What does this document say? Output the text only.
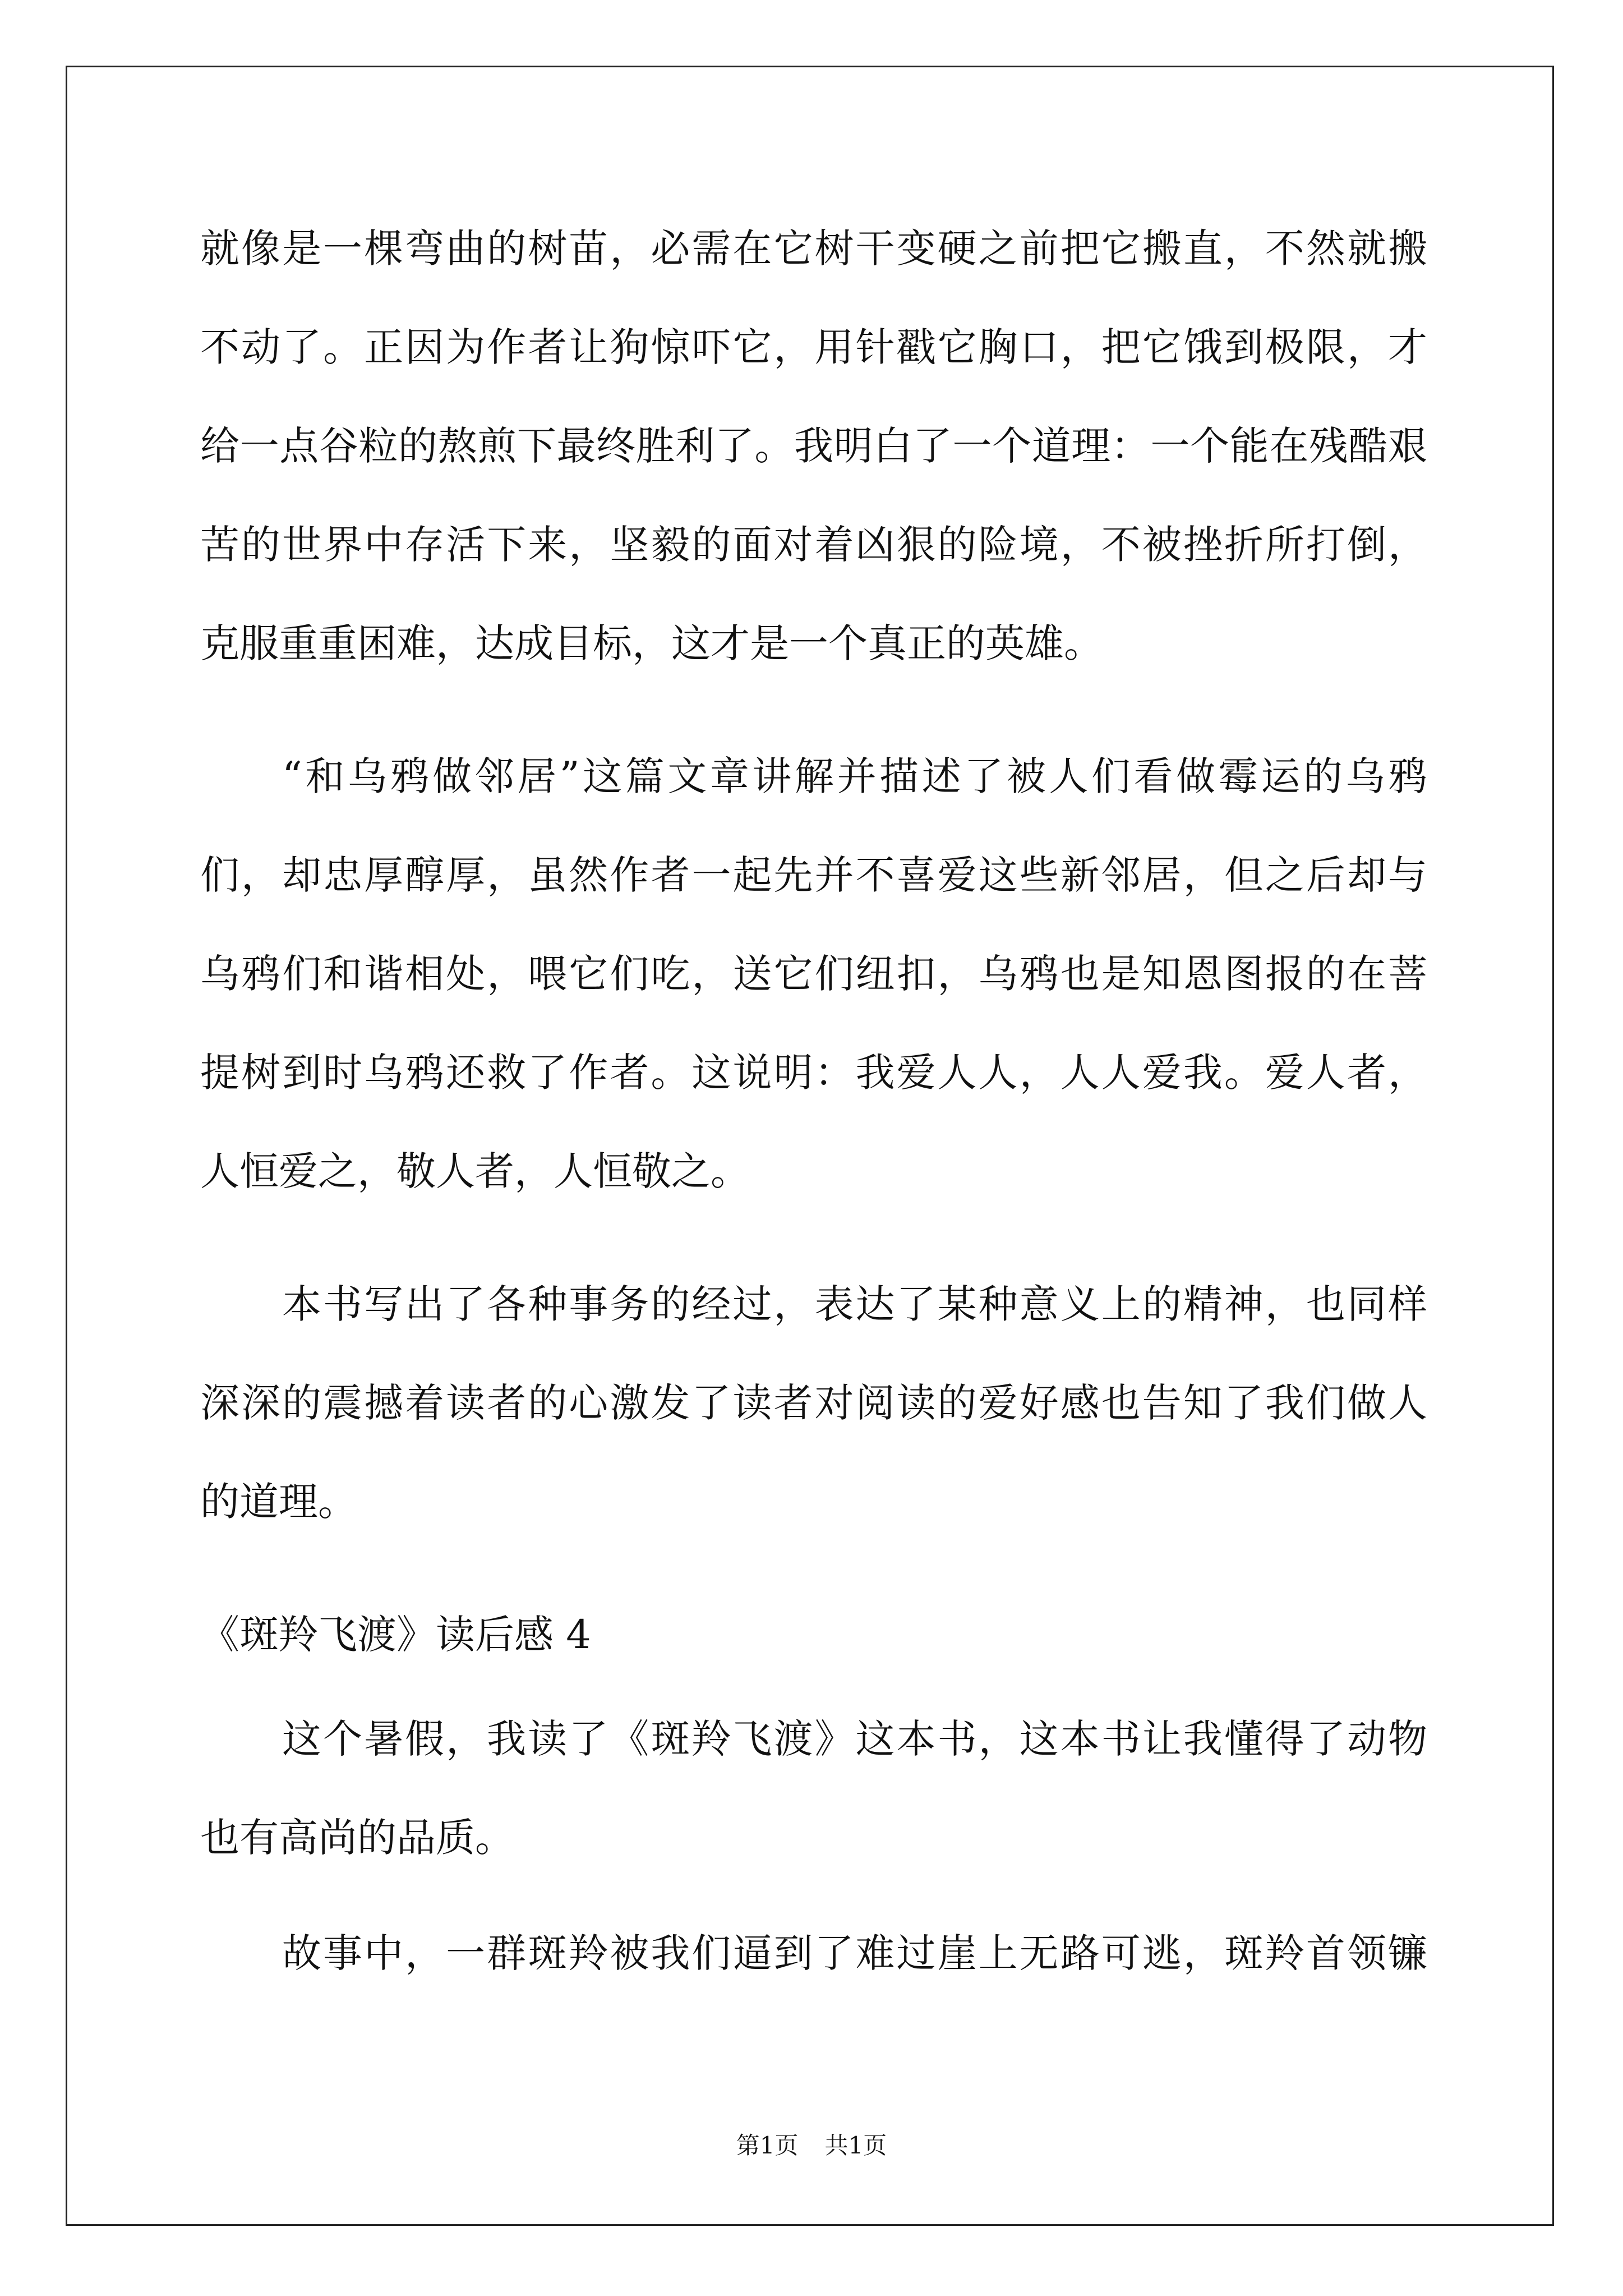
就像是一棵弯曲的树苗，必需在它树干变硬之前把它搬直，不然就搬
不动了。正因为作者让狗惊吓它，用针戳它胸口，把它饿到极限，才
给一点谷粒的熬煎下最终胜利了。我明白了一个道理：一个能在残酷艰
苦的世界中存活下来，坚毅的面对着凶狠的险境，不被挫折所打倒，
克服重重困难，达成目标，这才是一个真正的英雄。
“和乌鸦做邻居”这篇文章讲解并描述了被人们看做霉运的乌鸦
们，却忠厚醇厚，虽然作者一起先并不喜爱这些新邻居，但之后却与
乌鸦们和谐相处，喂它们吃，送它们纽扣，乌鸦也是知恩图报的在菩
提树到时乌鸦还救了作者。这说明：我爱人人，人人爱我。爱人者，
人恒爱之，敬人者，人恒敬之。
本书写出了各种事务的经过，表达了某种意义上的精神，也同样
深深的震撼着读者的心激发了读者对阅读的爱好感也告知了我们做人
的道理。
《斑羚飞渡》读后感 4
这个暑假，我读了《斑羚飞渡》这本书，这本书让我懂得了动物
也有高尚的品质。
故事中，一群斑羚被我们逼到了难过崖上无路可逃，斑羚首领镰
第1页 共1页
